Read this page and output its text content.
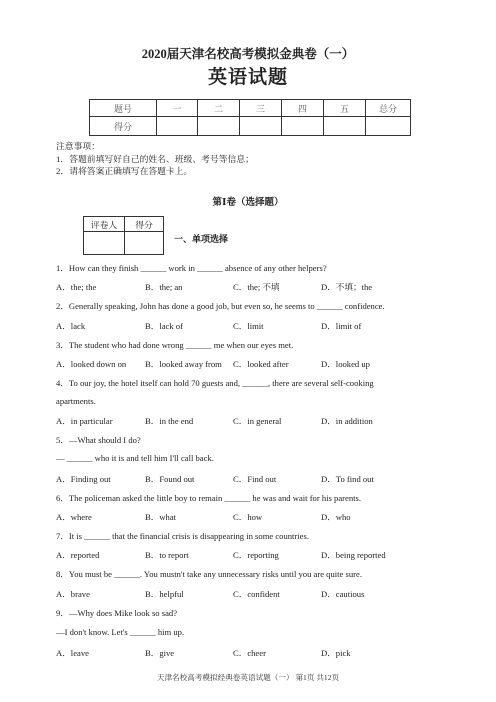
2020届天津名校高考模拟金典卷（一）
英语试题
题号	一	二	三	四	五	总分
得分						
注意事项：
1．答题前填写好自己的姓名、班级、考号等信息；
2．请将答案正确填写在答题卡上。
第Ⅰ卷（选择题）
评卷人	得分

一、单项选择
1．How can they finish ______ work in ______ absence of any other helpers?
A．the; the	B．the; an	C．the; 不填	D．不填；the
2．Generally speaking, John has done a good job, but even so, he seems to ______ confidence.
A．lack	B．lack of	C．limit	D．limit of
3．The student who had done wrong ______ me when our eyes met.
A．looked down on B．looked away from C．looked after	D．looked up
4．To our joy, the hotel itself can hold 70 guests and, ______, there are several self-cooking
apartments.
A．in particular	B．in the end	C．in general	D．in addition
5．—What should I do?
— ______ who it is and tell him I'll call back.
A．Finding out	B．Found out	C．Find out	D．To find out
6．The policeman asked the little boy to remain ______ he was and wait for his parents.
A．where	B．what	C．how	D．who
7．It is ______ that the financial crisis is disappearing in some countries.
A．reported	B．to report	C．reporting	D．being reported
8．You must be ______. You mustn't take any unnecessary risks until you are quite sure.
A．brave	B．helpful	C．confident	D．cautious
9．—Why does Mike look so sad?
—I don't know. Let's ______ him up.
A．leave	B．give	C．cheer	D．pick
天津名校高考模拟经典卷英语试题（一） 第1页 共12页
